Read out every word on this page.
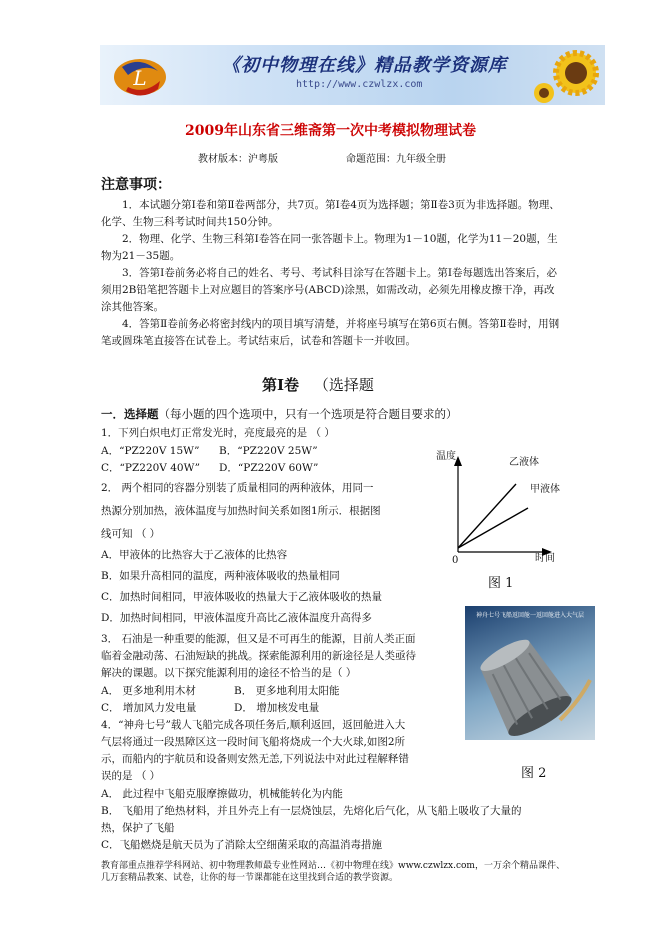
L
《初中物理在线》精品教学资源库
http://www.czwlzx.com
2009年山东省三维斋第一次中考模拟物理试卷
教材版本：沪粤版	命题范围：九年级全册
注意事项：

1．本试题分第Ⅰ卷和第Ⅱ卷两部分，共7页。第Ⅰ卷4页为选择题；第Ⅱ卷3页为非选择题。物理、化学、生物三科考试时间共150分钟。

2．物理、化学、生物三科第Ⅰ卷答在同一张答题卡上。物理为1－10题，化学为11－20题，生物为21－35题。

3．答第Ⅰ卷前务必将自己的姓名、考号、考试科目涂写在答题卡上。第Ⅰ卷每题选出答案后，必须用2B铅笔把答题卡上对应题目的答案序号(ABCD)涂黑，如需改动，必须先用橡皮擦干净，再改涂其他答案。

4．答第Ⅱ卷前务必将密封线内的项目填写清楚，并将座号填写在第6页右侧。答第Ⅱ卷时，用钢笔或圆珠笔直接答在试卷上。考试结束后，试卷和答题卡一并收回。

第Ⅰ卷 （选择题
一．选择题（每小题的四个选项中，只有一个选项是符合题目要求的）
1．下列白炽电灯正常发光时，亮度最亮的是 （ ）
A．“PZ220V 15W” B．“PZ220V 25W”
C．“PZ220V 40W” D．“PZ220V 60W”
2． 两个相同的容器分别装了质量相同的两种液体，用同一
热源分别加热，液体温度与加热时间关系如图1所示．根据图
线可知 （ ）
A．甲液体的比热容大于乙液体的比热容
B．如果升高相同的温度，两种液体吸收的热量相同
C．加热时间相同，甲液体吸收的热量大于乙液体吸收的热量
D．加热时间相同，甲液体温度升高比乙液体温度升高得多
温度
乙液体
甲液体
0	时间
图 1
神舟七号飞船返回舱一返回舱进入大气层
图 2
3． 石油是一种重要的能源，但又是不可再生的能源，目前人类正面
临着金融动荡、石油短缺的挑战。探索能源利用的新途径是人类亟待
解决的课题。以下探究能源利用的途径不恰当的是（ ）
A． 更多地利用木材	B． 更多地利用太阳能
C． 增加风力发电量	D． 增加核发电量
4．“神舟七号”载人飞船完成各项任务后,顺利返回，返回舱进入大
气层将通过一段黑障区这一段时间飞船将烧成一个大火球,如图2所
示，而船内的宇航员和设备则安然无恙,下列说法中对此过程解释错
误的是 （ ）
A． 此过程中飞船克服摩擦做功，机械能转化为内能
B． 飞船用了绝热材料，并且外壳上有一层烧蚀层，先熔化后气化，从飞船上吸收了大量的
热，保护了飞船
C．飞船燃烧是航天员为了消除太空细菌采取的高温消毒措施
教育部重点推荐学科网站、初中物理教师最专业性网站…《初中物理在线》www.czwlzx.com，一万余个精品课件、几万套精品教案、试卷，让你的每一节课都能在这里找到合适的教学资源。
